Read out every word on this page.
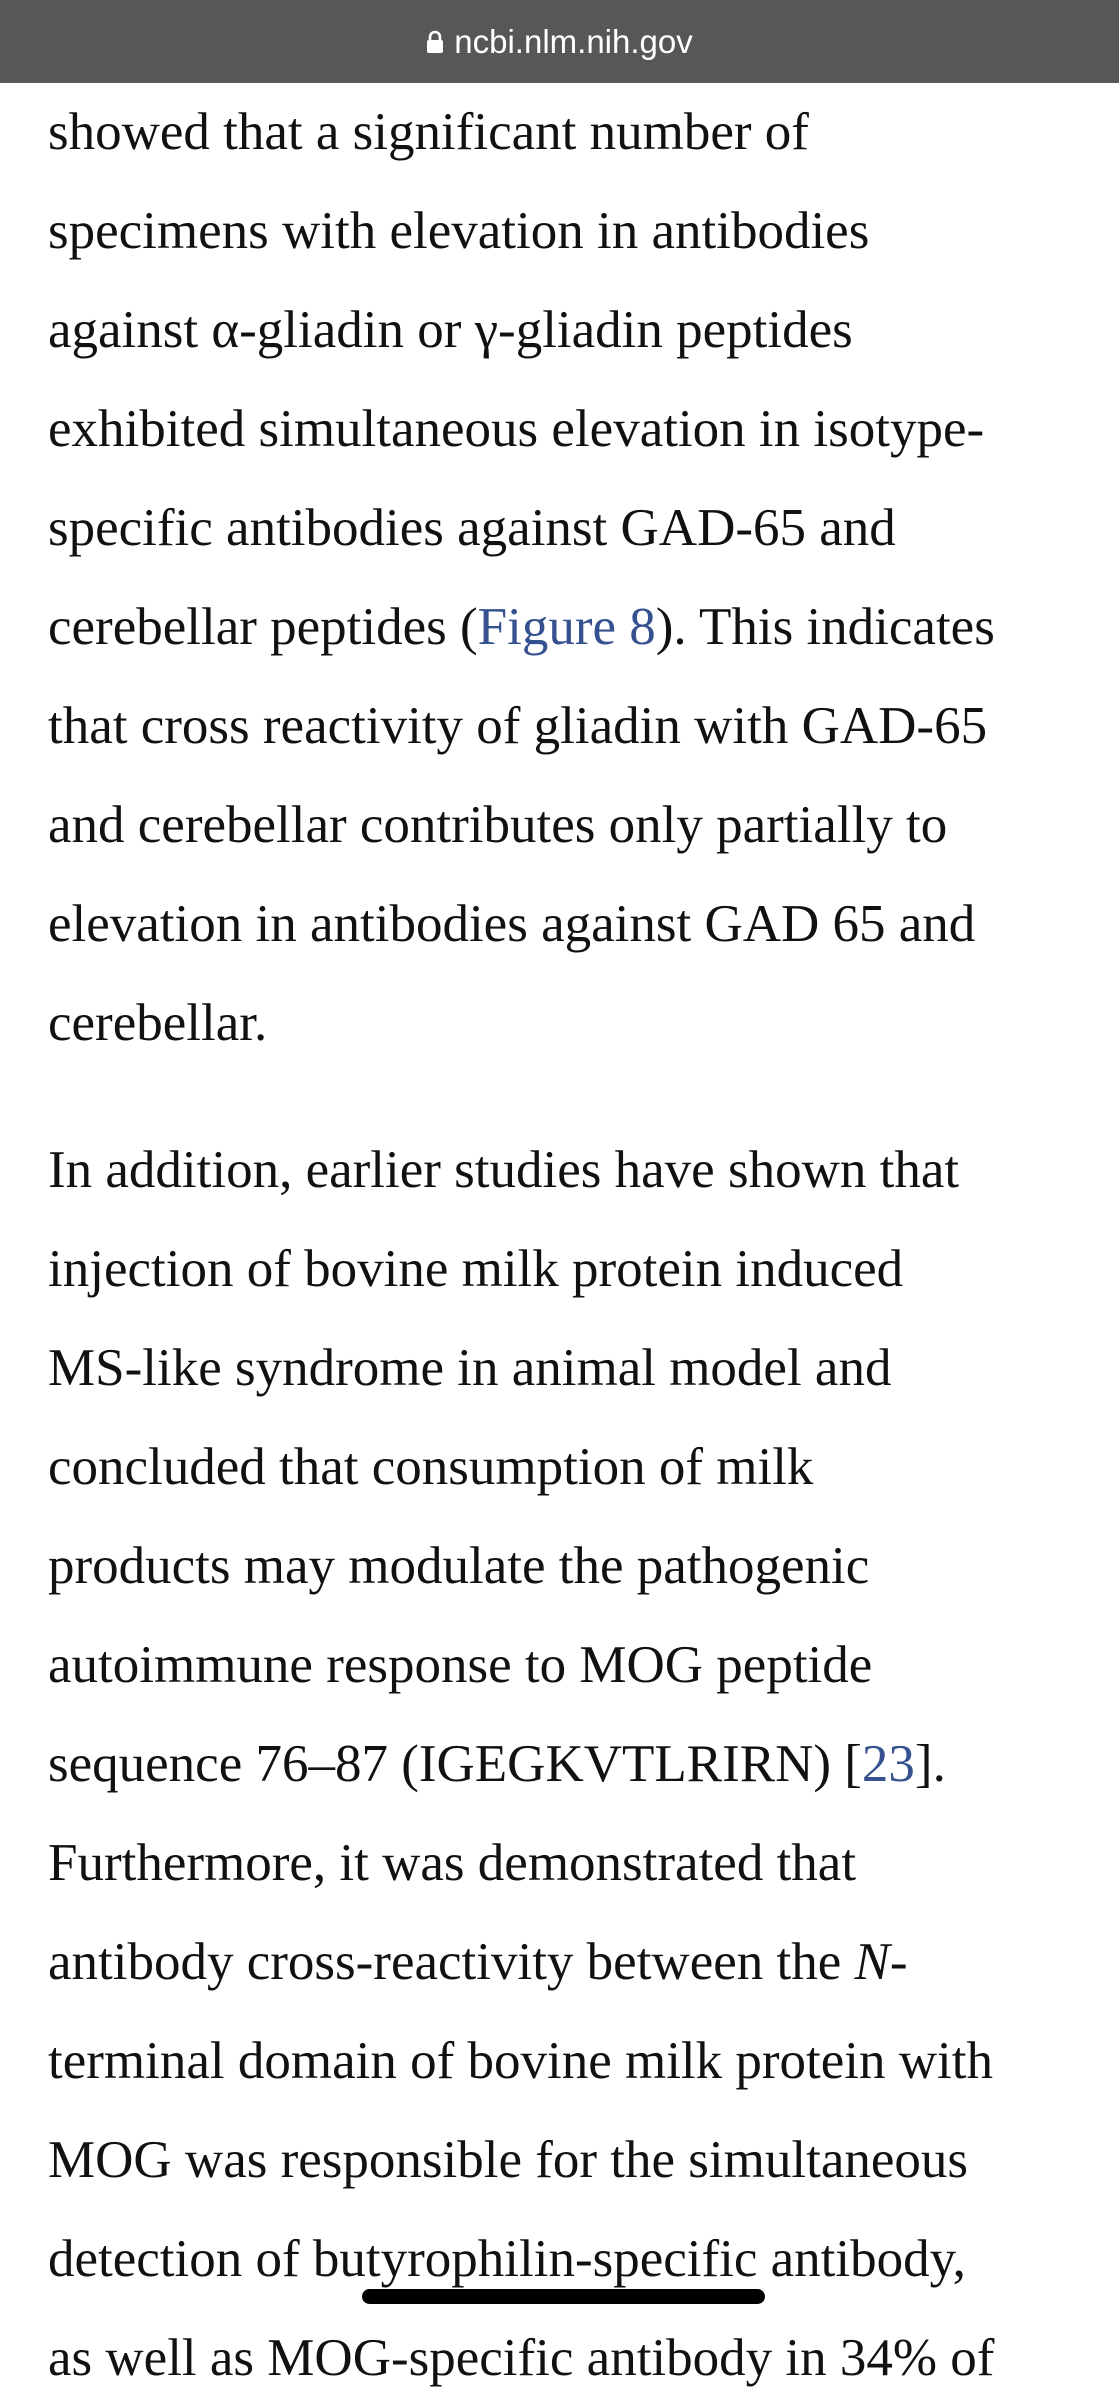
ncbi.nlm.nih.gov

showed that a significant number of
specimens with elevation in antibodies
against α-gliadin or γ-gliadin peptides
exhibited simultaneous elevation in isotype-
specific antibodies against GAD-65 and
cerebellar peptides (Figure 8). This indicates
that cross reactivity of gliadin with GAD-65
and cerebellar contributes only partially to
elevation in antibodies against GAD 65 and
cerebellar.

In addition, earlier studies have shown that
injection of bovine milk protein induced
MS-like syndrome in animal model and
concluded that consumption of milk
products may modulate the pathogenic
autoimmune response to MOG peptide
sequence 76–87 (IGEGKVTLRIRN) [23].
Furthermore, it was demonstrated that
antibody cross-reactivity between the N-
terminal domain of bovine milk protein with
MOG was responsible for the simultaneous
detection of butyrophilin-specific antibody,
as well as MOG-specific antibody in 34% of
